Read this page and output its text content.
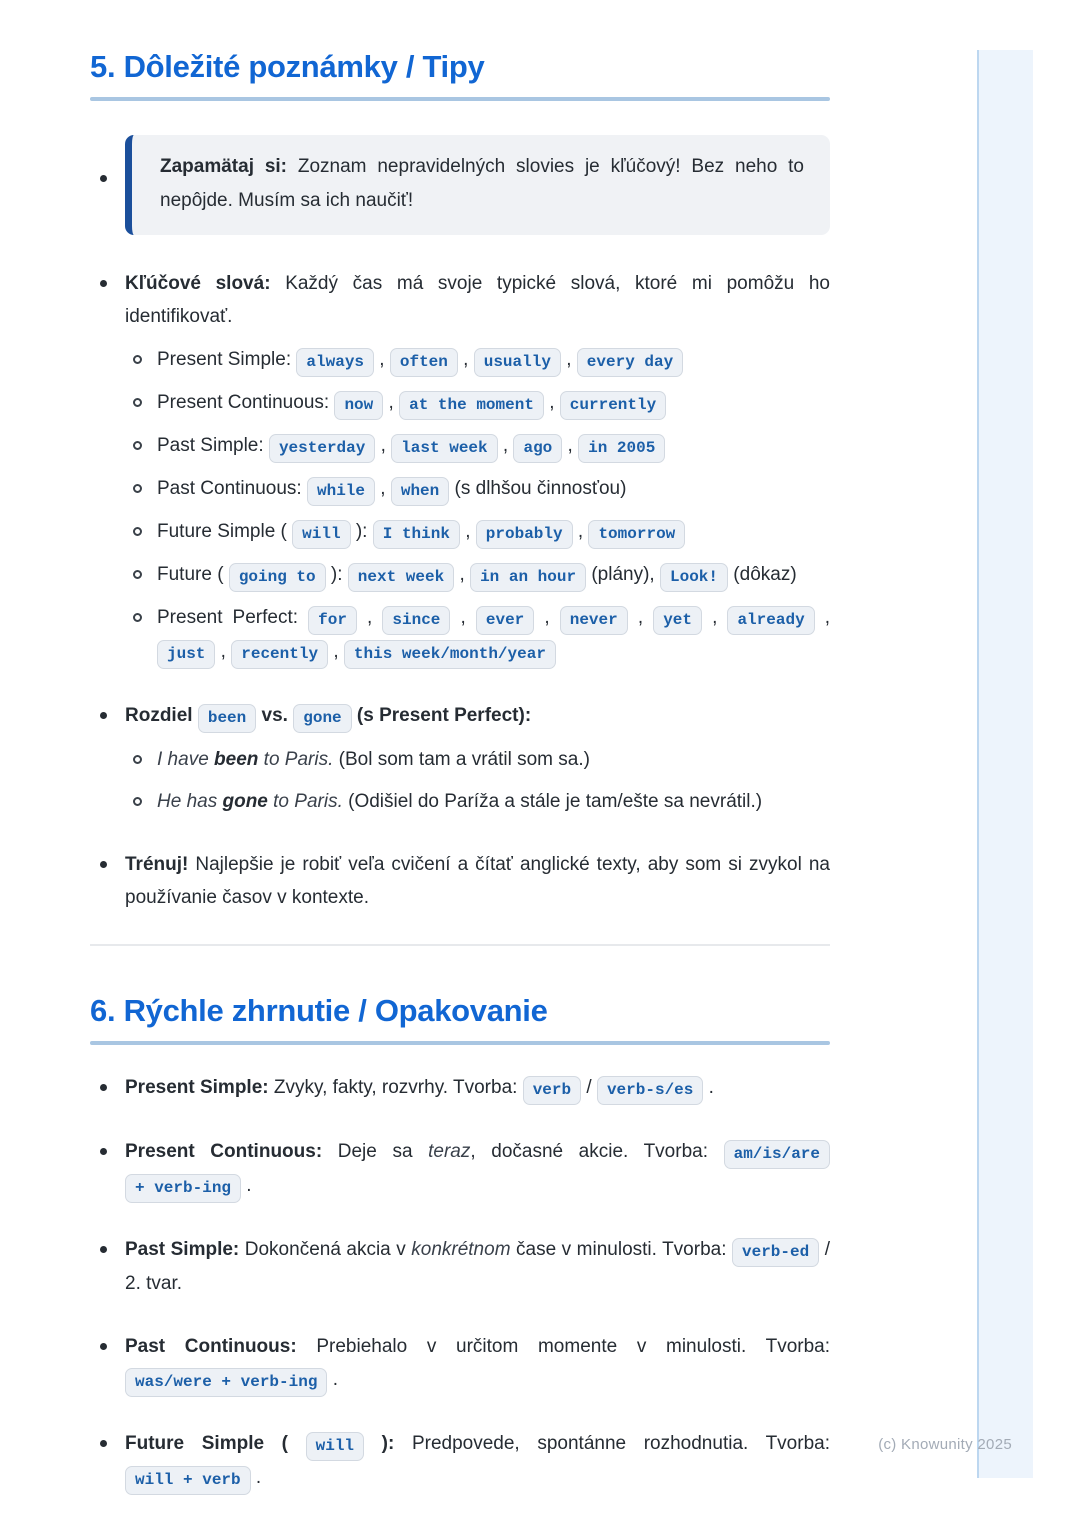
(c) Knowunity 2025
5. Dôležité poznámky / Tipy
Zapamätaj si: Zoznam nepravidelných slovies je kľúčový! Bez neho to nepôjde. Musím sa ich naučiť!
Kľúčové slová: Každý čas má svoje typické slová, ktoré mi pomôžu ho identifikovať.
Present Simple: always , often , usually , every day
Present Continuous: now , at the moment , currently
Past Simple: yesterday , last week , ago , in 2005
Past Continuous: while , when (s dlhšou činnosťou)
Future Simple ( will ): I think , probably , tomorrow
Future ( going to ): next week , in an hour (plány), Look! (dôkaz)
Present Perfect: for , since , ever , never , yet , already , just , recently , this week/month/year
Rozdiel been vs. gone (s Present Perfect):
I have been to Paris. (Bol som tam a vrátil som sa.)
He has gone to Paris. (Odišiel do Paríža a stále je tam/ešte sa nevrátil.)
Trénuj! Najlepšie je robiť veľa cvičení a čítať anglické texty, aby som si zvykol na používanie časov v kontexte.
6. Rýchle zhrnutie / Opakovanie
Present Simple: Zvyky, fakty, rozvrhy. Tvorba: verb / verb-s/es .
Present Continuous: Deje sa teraz, dočasné akcie. Tvorba: am/is/are + verb-ing .
Past Simple: Dokončená akcia v konkrétnom čase v minulosti. Tvorba: verb-ed / 2. tvar.
Past Continuous: Prebiehalo v určitom momente v minulosti. Tvorba: was/were + verb-ing .
Future Simple ( will ): Predpovede, spontánne rozhodnutia. Tvorba: will + verb .
